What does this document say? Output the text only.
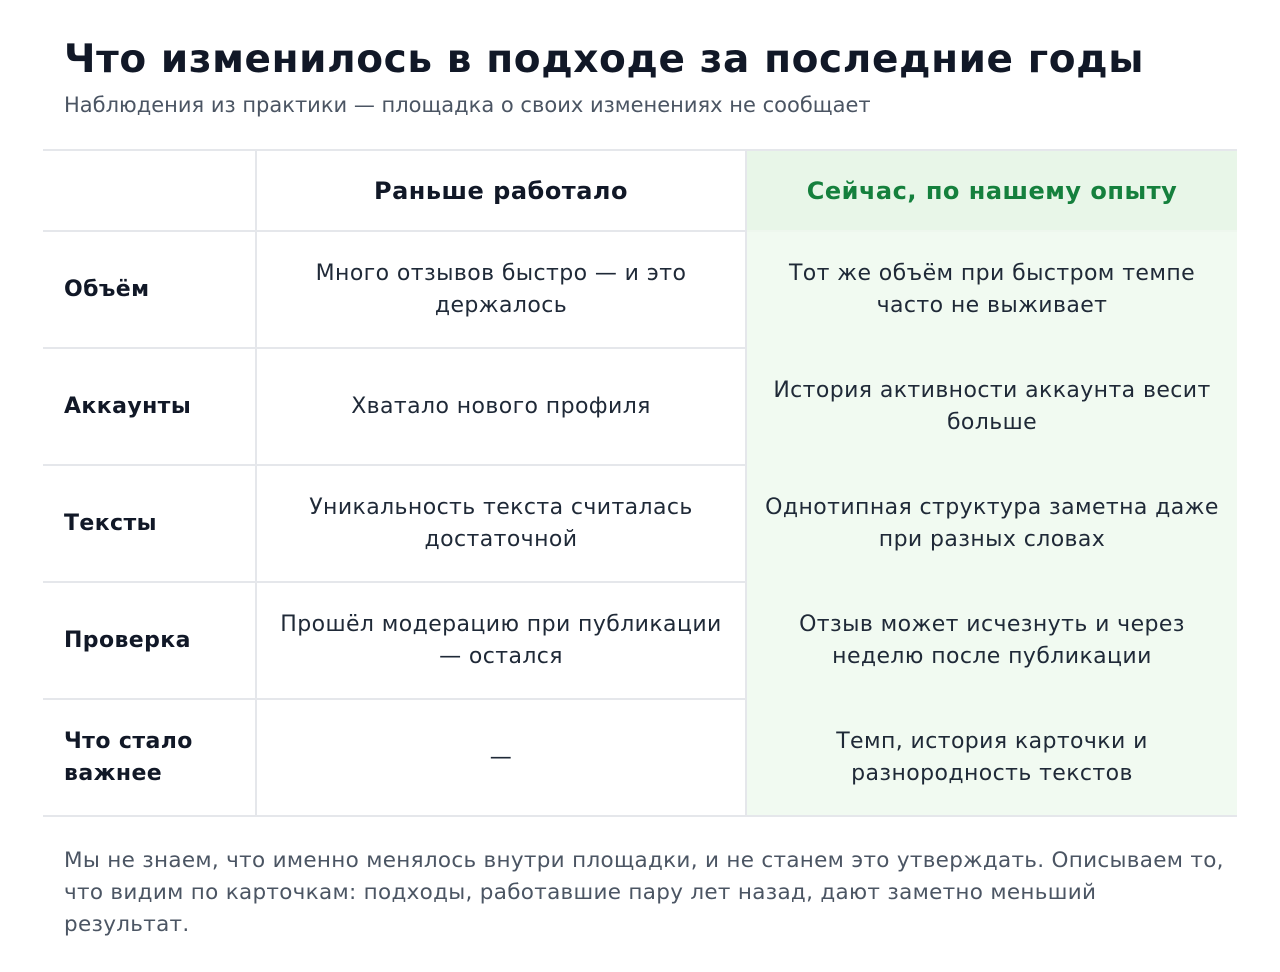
Что изменилось в подходе за последние годы

Наблюдения из практики — площадка о своих изменениях не сообщает

	Раньше работало	Сейчас, по нашему опыту
Объём	Много отзывов быстро — и это держалось	Тот же объём при быстром темпе часто не выживает
Аккаунты	Хватало нового профиля	История активности аккаунта весит больше
Тексты	Уникальность текста считалась достаточной	Однотипная структура заметна даже при разных словах
Проверка	Прошёл модерацию при публикации — остался	Отзыв может исчезнуть и через неделю после публикации
Что стало важнее	—	Темп, история карточки и разнородность текстов

Мы не знаем, что именно менялось внутри площадки, и не станем это утверждать. Описываем то, что видим по карточкам: подходы, работавшие пару лет назад, дают заметно меньший результат.
